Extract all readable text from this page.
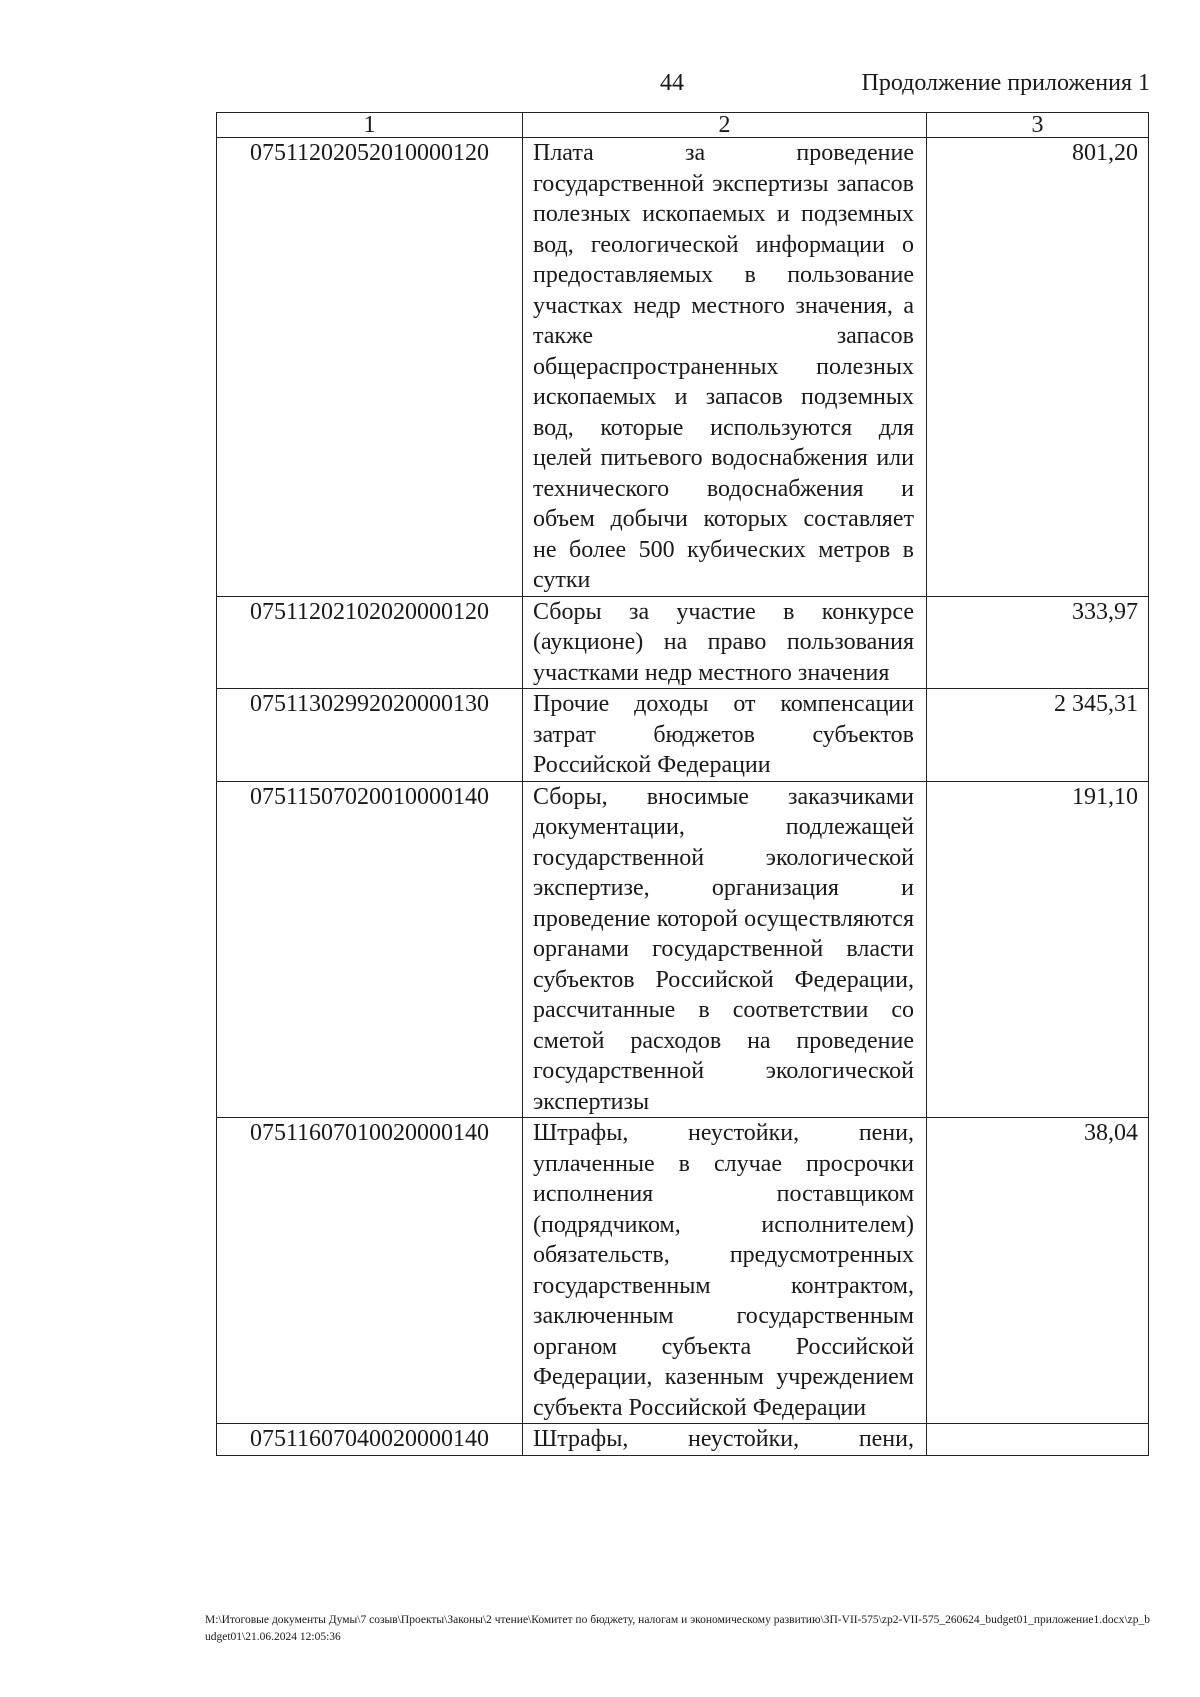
44	Продолжение приложения 1
1	2	3
07511202052010000120	Плата за проведение государственной экспертизы запасов полезных ископаемых и подземных вод, геологической информации о предоставляемых в пользование участках недр местного значения, а также запасов общераспространенных полезных ископаемых и запасов подземных вод, которые используются для целей питьевого водоснабжения или технического водоснабжения и объем добычи которых составляет не более 500 кубических метров в сутки	801,20
07511202102020000120	Сборы за участие в конкурсе (аукционе) на право пользования участками недр местного значения	333,97
07511302992020000130	Прочие доходы от компенсации затрат бюджетов субъектов Российской Федерации	2 345,31
07511507020010000140	Сборы, вносимые заказчиками документации, подлежащей государственной экологической экспертизе, организация и проведение которой осуществляются органами государственной власти субъектов Российской Федерации, рассчитанные в соответствии со сметой расходов на проведение государственной экологической экспертизы	191,10
07511607010020000140	Штрафы, неустойки, пени, уплаченные в случае просрочки исполнения поставщиком (подрядчиком, исполнителем) обязательств, предусмотренных государственным контрактом, заключенным государственным органом субъекта Российской Федерации, казенным учреждением субъекта Российской Федерации	38,04
07511607040020000140	Штрафы, неустойки, пени,	
М:\Итоговые документы Думы\7 созыв\Проекты\Законы\2 чтение\Комитет по бюджету, налогам и экономическому развитию\ЗП-VII-575\zp2-VII-575_260624_budget01_приложение1.docx\zp_budget01\21.06.2024 12:05:36
